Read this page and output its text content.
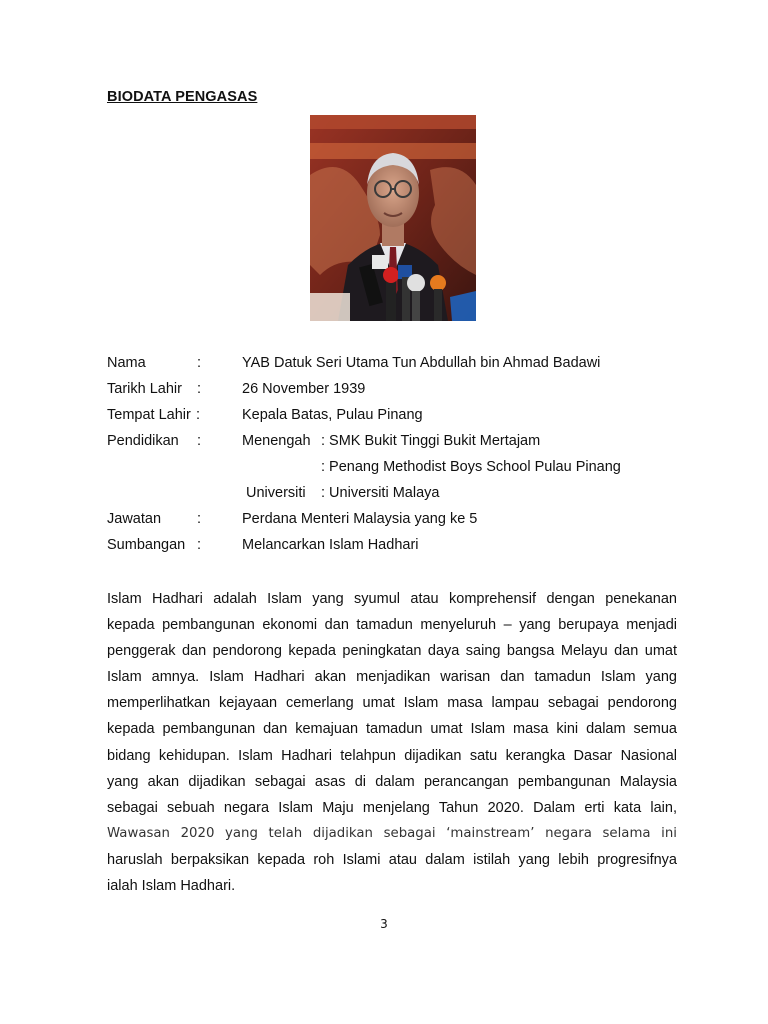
BIODATA PENGASAS
Nama	:	YAB Datuk Seri Utama Tun Abdullah bin Ahmad Badawi
Tarikh Lahir :	26 November 1939
Tempat Lahir :	Kepala Batas, Pulau Pinang
Pendidikan :	Menengah : SMK Bukit Tinggi Bukit Mertajam
: Penang Methodist Boys School Pulau Pinang
Universiti : Universiti Malaya
Jawatan :	Perdana Menteri Malaysia yang ke 5
Sumbangan :	Melancarkan Islam Hadhari
Islam Hadhari adalah Islam yang syumul atau komprehensif dengan penekanan
kepada pembangunan ekonomi dan tamadun menyeluruh – yang berupaya menjadi
penggerak dan pendorong kepada peningkatan daya saing bangsa Melayu dan umat
Islam amnya. Islam Hadhari akan menjadikan warisan dan tamadun Islam yang
memperlihatkan kejayaan cemerlang umat Islam masa lampau sebagai pendorong
kepada pembangunan dan kemajuan tamadun umat Islam masa kini dalam semua
bidang kehidupan. Islam Hadhari telahpun dijadikan satu kerangka Dasar Nasional
yang akan dijadikan sebagai asas di dalam perancangan pembangunan Malaysia
sebagai sebuah negara Islam Maju menjelang Tahun 2020. Dalam erti kata lain,
Wawasan 2020 yang telah dijadikan sebagai ‘mainstream’ negara selama ini
haruslah berpaksikan kepada roh Islami atau dalam istilah yang lebih progresifnya
ialah Islam Hadhari.
3
